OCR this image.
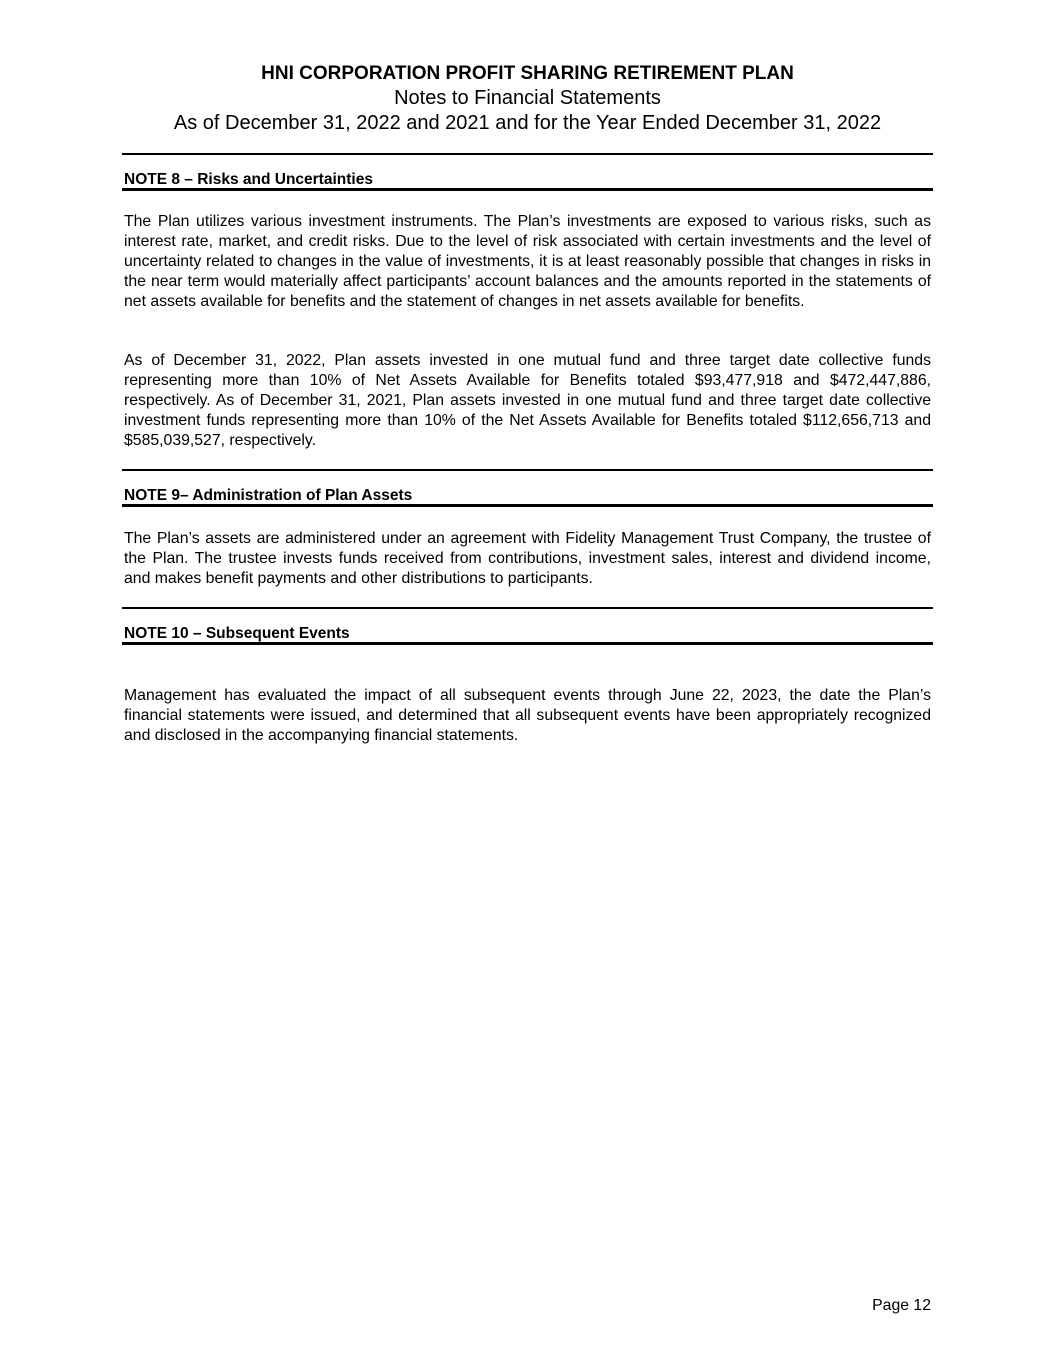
HNI CORPORATION PROFIT SHARING RETIREMENT PLAN
Notes to Financial Statements
As of December 31, 2022 and 2021 and for the Year Ended December 31, 2022
NOTE 8 – Risks and Uncertainties
The Plan utilizes various investment instruments. The Plan’s investments are exposed to various risks, such as interest rate, market, and credit risks. Due to the level of risk associated with certain investments and the level of uncertainty related to changes in the value of investments, it is at least reasonably possible that changes in risks in the near term would materially affect participants’ account balances and the amounts reported in the statements of net assets available for benefits and the statement of changes in net assets available for benefits.
As of December 31, 2022, Plan assets invested in one mutual fund and three target date collective funds representing more than 10% of Net Assets Available for Benefits totaled $93,477,918 and $472,447,886, respectively. As of December 31, 2021, Plan assets invested in one mutual fund and three target date collective investment funds representing more than 10% of the Net Assets Available for Benefits totaled $112,656,713 and $585,039,527, respectively.
NOTE 9– Administration of Plan Assets
The Plan’s assets are administered under an agreement with Fidelity Management Trust Company, the trustee of the Plan. The trustee invests funds received from contributions, investment sales, interest and dividend income, and makes benefit payments and other distributions to participants.
NOTE 10 – Subsequent Events
Management has evaluated the impact of all subsequent events through June 22, 2023, the date the Plan’s financial statements were issued, and determined that all subsequent events have been appropriately recognized and disclosed in the accompanying financial statements.
Page 12
